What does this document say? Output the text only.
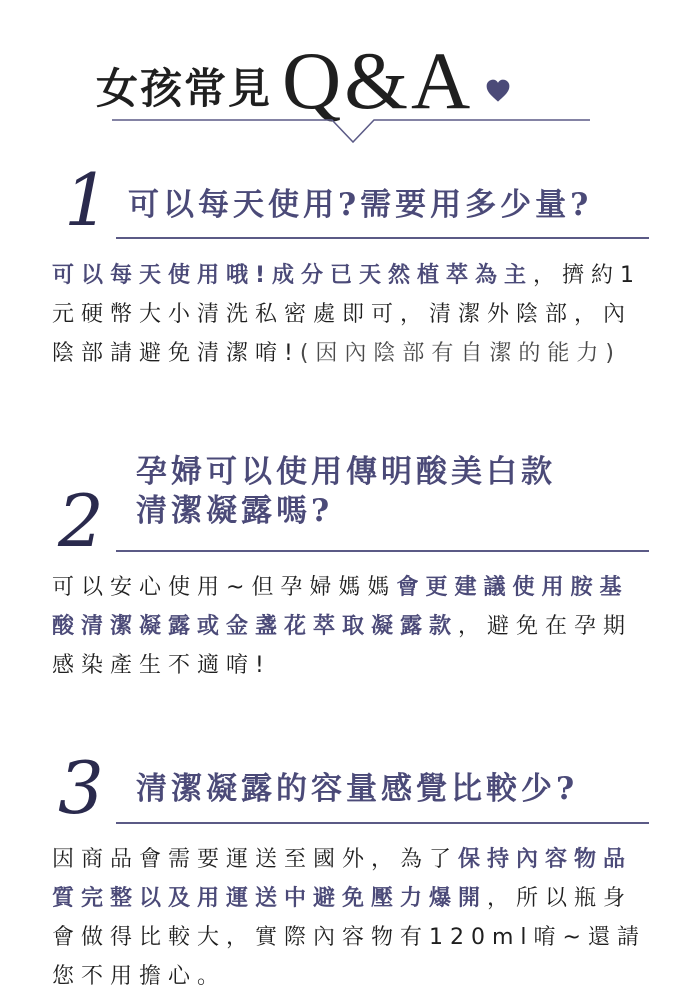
女孩常見 Q&A
1 可以每天使用?需要用多少量?

可以每天使用哦!成分已天然植萃為主，擠約1元硬幣大小清洗私密處即可，清潔外陰部，內陰部請避免清潔唷!(因內陰部有自潔的能力)

2
孕婦可以使用傳明酸美白款
清潔凝露嗎?

可以安心使用~但孕婦媽媽會更建議使用胺基酸清潔凝露或金盞花萃取凝露款，避免在孕期感染產生不適唷!

3 清潔凝露的容量感覺比較少?

因商品會需要運送至國外，為了保持內容物品質完整以及用運送中避免壓力爆開，所以瓶身會做得比較大，實際內容物有120ml唷~還請您不用擔心。
